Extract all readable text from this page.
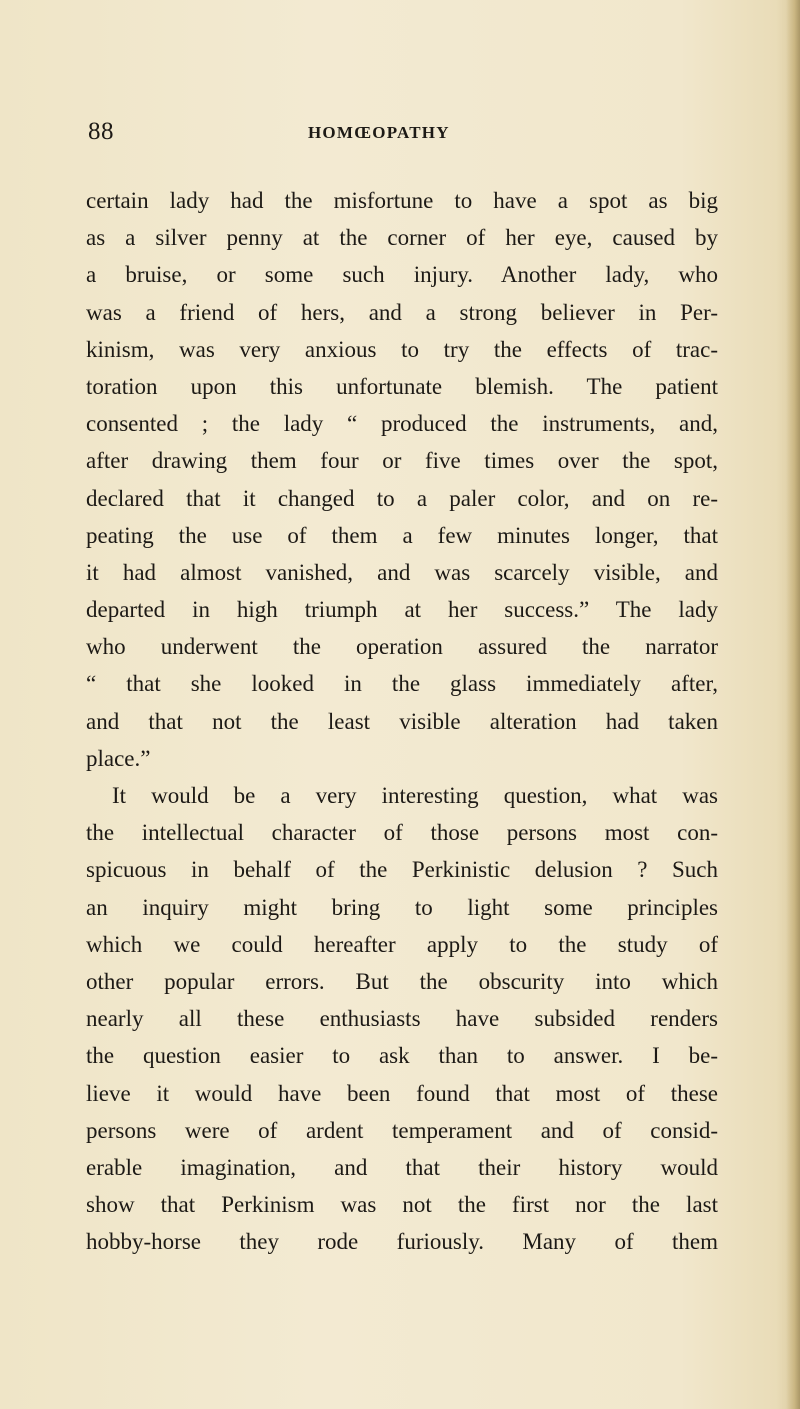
88	HOMŒOPATHY
certain lady had the misfortune to have a spot as big
as a silver penny at the corner of her eye, caused by
a bruise, or some such injury. Another lady, who
was a friend of hers, and a strong believer in Per-
kinism, was very anxious to try the effects of trac-
toration upon this unfortunate blemish. The patient
consented ; the lady “ produced the instruments, and,
after drawing them four or five times over the spot,
declared that it changed to a paler color, and on re-
peating the use of them a few minutes longer, that
it had almost vanished, and was scarcely visible, and
departed in high triumph at her success.” The lady
who underwent the operation assured the narrator
“ that she looked in the glass immediately after,
and that not the least visible alteration had taken
place.”
It would be a very interesting question, what was
the intellectual character of those persons most con-
spicuous in behalf of the Perkinistic delusion ? Such
an inquiry might bring to light some principles
which we could hereafter apply to the study of
other popular errors. But the obscurity into which
nearly all these enthusiasts have subsided renders
the question easier to ask than to answer. I be-
lieve it would have been found that most of these
persons were of ardent temperament and of consid-
erable imagination, and that their history would
show that Perkinism was not the first nor the last
hobby-horse they rode furiously. Many of them
